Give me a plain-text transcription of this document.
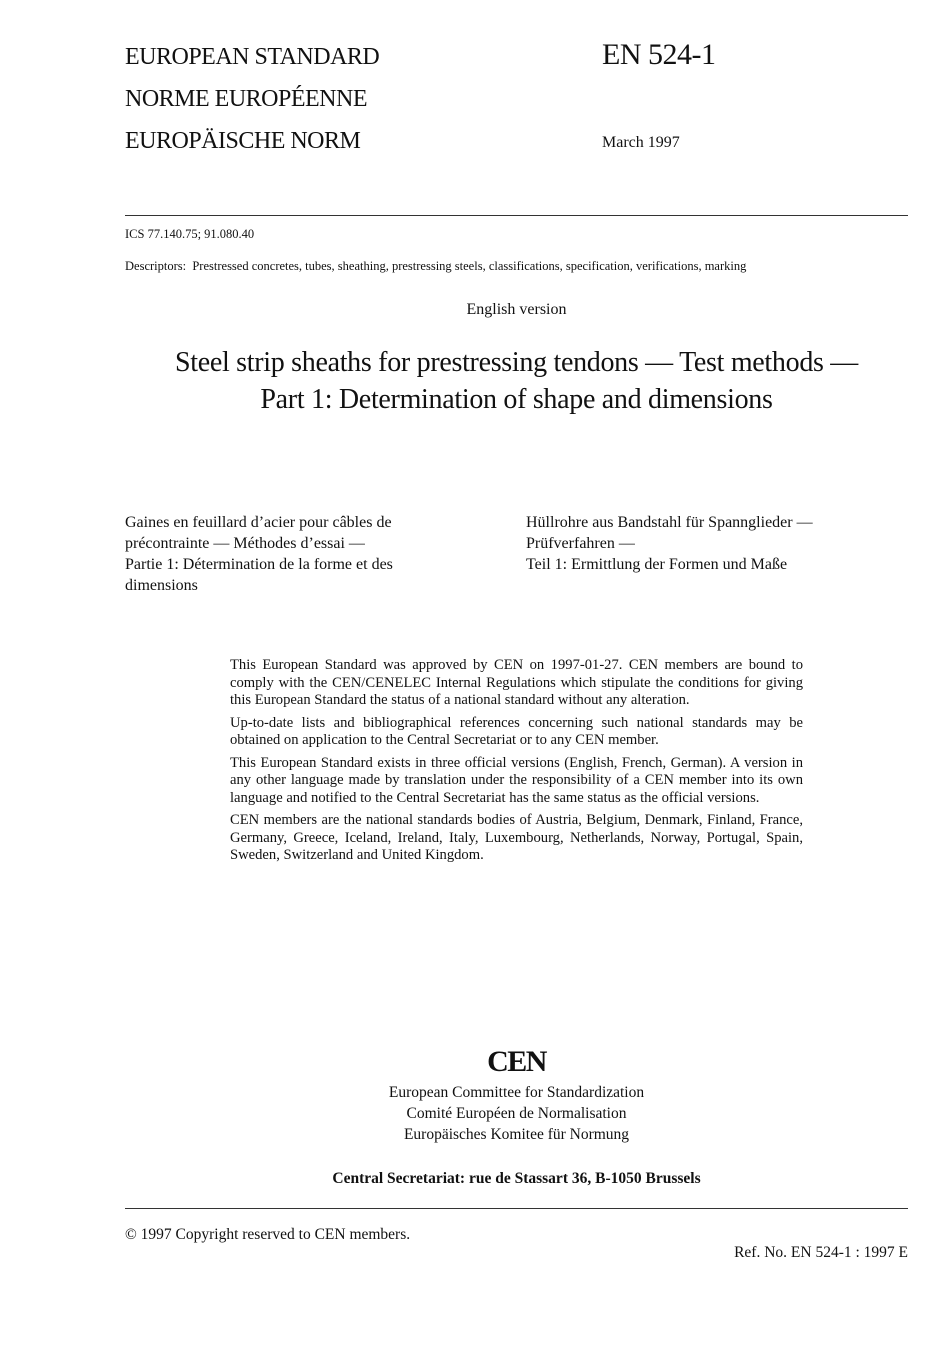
EUROPEAN STANDARD
NORME EUROPÉENNE
EUROPÄISCHE NORM
EN 524-1
March 1997
ICS 77.140.75; 91.080.40
Descriptors: Prestressed concretes, tubes, sheathing, prestressing steels, classifications, specification, verifications, marking
English version
Steel strip sheaths for prestressing tendons — Test methods —
Part 1: Determination of shape and dimensions
Gaines en feuillard d’acier pour câbles de
précontrainte — Méthodes d’essai —
Partie 1: Détermination de la forme et des
dimensions
Hüllrohre aus Bandstahl für Spannglieder —
Prüfverfahren —
Teil 1: Ermittlung der Formen und Maße

This European Standard was approved by CEN on 1997-01-27. CEN members are bound to comply with the CEN/CENELEC Internal Regulations which stipulate the conditions for giving this European Standard the status of a national standard without any alteration.

Up-to-date lists and bibliographical references concerning such national standards may be obtained on application to the Central Secretariat or to any CEN member.

This European Standard exists in three official versions (English, French, German). A version in any other language made by translation under the responsibility of a CEN member into its own language and notified to the Central Secretariat has the same status as the official versions.

CEN members are the national standards bodies of Austria, Belgium, Denmark, Finland, France, Germany, Greece, Iceland, Ireland, Italy, Luxembourg, Netherlands, Norway, Portugal, Spain, Sweden, Switzerland and United Kingdom.

CEN
European Committee for Standardization
Comité Européen de Normalisation
Europäisches Komitee für Normung
Central Secretariat: rue de Stassart 36, B-1050 Brussels
© 1997 Copyright reserved to CEN members.
Ref. No. EN 524-1 : 1997 E
